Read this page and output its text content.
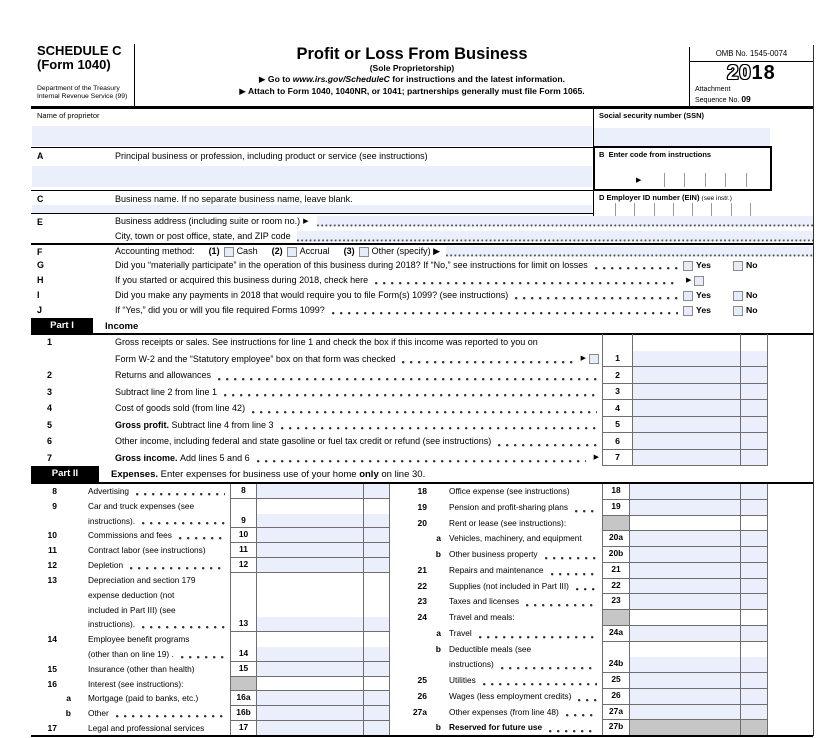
SCHEDULE C
(Form 1040)
Department of the Treasury
Internal Revenue Service (99)
Profit or Loss From Business
(Sole Proprietorship)
▶ Go to www.irs.gov/ScheduleC for instructions and the latest information.
▶ Attach to Form 1040, 1040NR, or 1041; partnerships generally must file Form 1065.
OMB No. 1545-0074
2018
Attachment
Sequence No. 09
Name of proprietor	Social security number (SSN)
A	Principal business or profession, including product or service (see instructions)	B Enter code from instructions
▶
C	Business name. If no separate business name, leave blank.	D Employer ID number (EIN) (see instr.)
E	Business address (including suite or room no.) ▶
City, town or post office, state, and ZIP code
F	Accounting method: (1) Cash (2) Accrual (3) Other (specify) ▶
G	Did you “materially participate” in the operation of this business during 2018? If “No,” see instructions for limit on losses	Yes	No
H	If you started or acquired this business during 2018, check here	▶
I	Did you make any payments in 2018 that would require you to file Form(s) 1099? (see instructions)	Yes	No
J	If “Yes,” did you or will you file required Forms 1099?	Yes	No
Part I	Income
1	Gross receipts or sales. See instructions for line 1 and check the box if this income was reported to you on
Form W-2 and the “Statutory employee” box on that form was checked	▶	1
2	Returns and allowances	2
3	Subtract line 2 from line 1	3
4	Cost of goods sold (from line 42)	4
5	Gross profit. Subtract line 4 from line 3	5
6	Other income, including federal and state gasoline or fuel tax credit or refund (see instructions)	6
7	Gross income. Add lines 5 and 6	▶ 7
Part II	Expenses. Enter expenses for business use of your home only on line 30.
8	Advertising	8
9	Car and truck expenses (see
instructions).	9
10	Commissions and fees	10
11	Contract labor (see instructions)	11
12	Depletion	12
13	Depreciation and section 179
expense deduction (not
included in Part III) (see
instructions).	13
14	Employee benefit programs
(other than on line 19) .	14
15	Insurance (other than health)	15
16	Interest (see instructions):
a Mortgage (paid to banks, etc.)	16a
b Other	16b
17	Legal and professional services	17
18	Office expense (see instructions)	18
19	Pension and profit-sharing plans	19
20	Rent or lease (see instructions):
a Vehicles, machinery, and equipment	20a
b Other business property	20b
21	Repairs and maintenance	21
22	Supplies (not included in Part III)	22
23	Taxes and licenses	23
24	Travel and meals:
a Travel	24a
b Deductible meals (see
instructions)	24b
25	Utilities	25
26	Wages (less employment credits)	26
27a	Other expenses (from line 48)	27a
b Reserved for future use	27b
